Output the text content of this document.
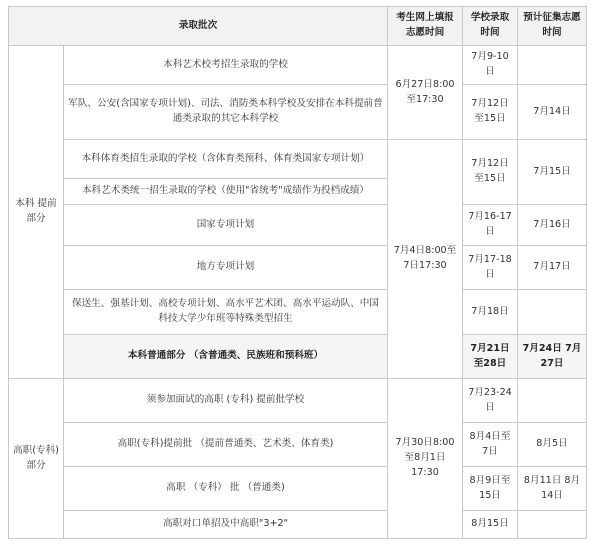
录取批次		考生网上填报志愿时间	学校录取时间	预计征集志愿时间
本科 提前部分	本科艺术校考招生录取的学校	6月27日8:00至17:30	7月9-10日	
	军队、公安(含国家专项计划)、司法、消防类本科学校及安排在本科提前普通类录取的其它本科学校		7月12日至15日	7月14日
	本科体育类招生录取的学校（含体育类预科、体育类国家专项计划）	7月4日8:00至7日17:30	7月12日至15日	7月15日
	本科艺术类统一招生录取的学校（使用"省统考"成绩作为投档成绩）			
	国家专项计划		7月16-17日	7月16日
	地方专项计划		7月17-18日	7月17日
	保送生、强基计划、高校专项计划、高水平艺术团、高水平运动队、中国科技大学少年班等特殊类型招生		7月18日	
	本科普通部分 （含普通类、民族班和预科班）		7月21日至28日	7月24日 7月27日
高职(专科) 部分	须参加面试的高职 (专科) 提前批学校	7月30日8:00至8月1日17:30	7月23-24日	
	高职(专科)提前批 （提前普通类、艺术类、体育类)		8月4日至7日	8月5日
	高职 （专科） 批 （普通类)		8月9日至15日	8月11日 8月14日
	高职对口单招及中高职"3+2"		8月15日	
